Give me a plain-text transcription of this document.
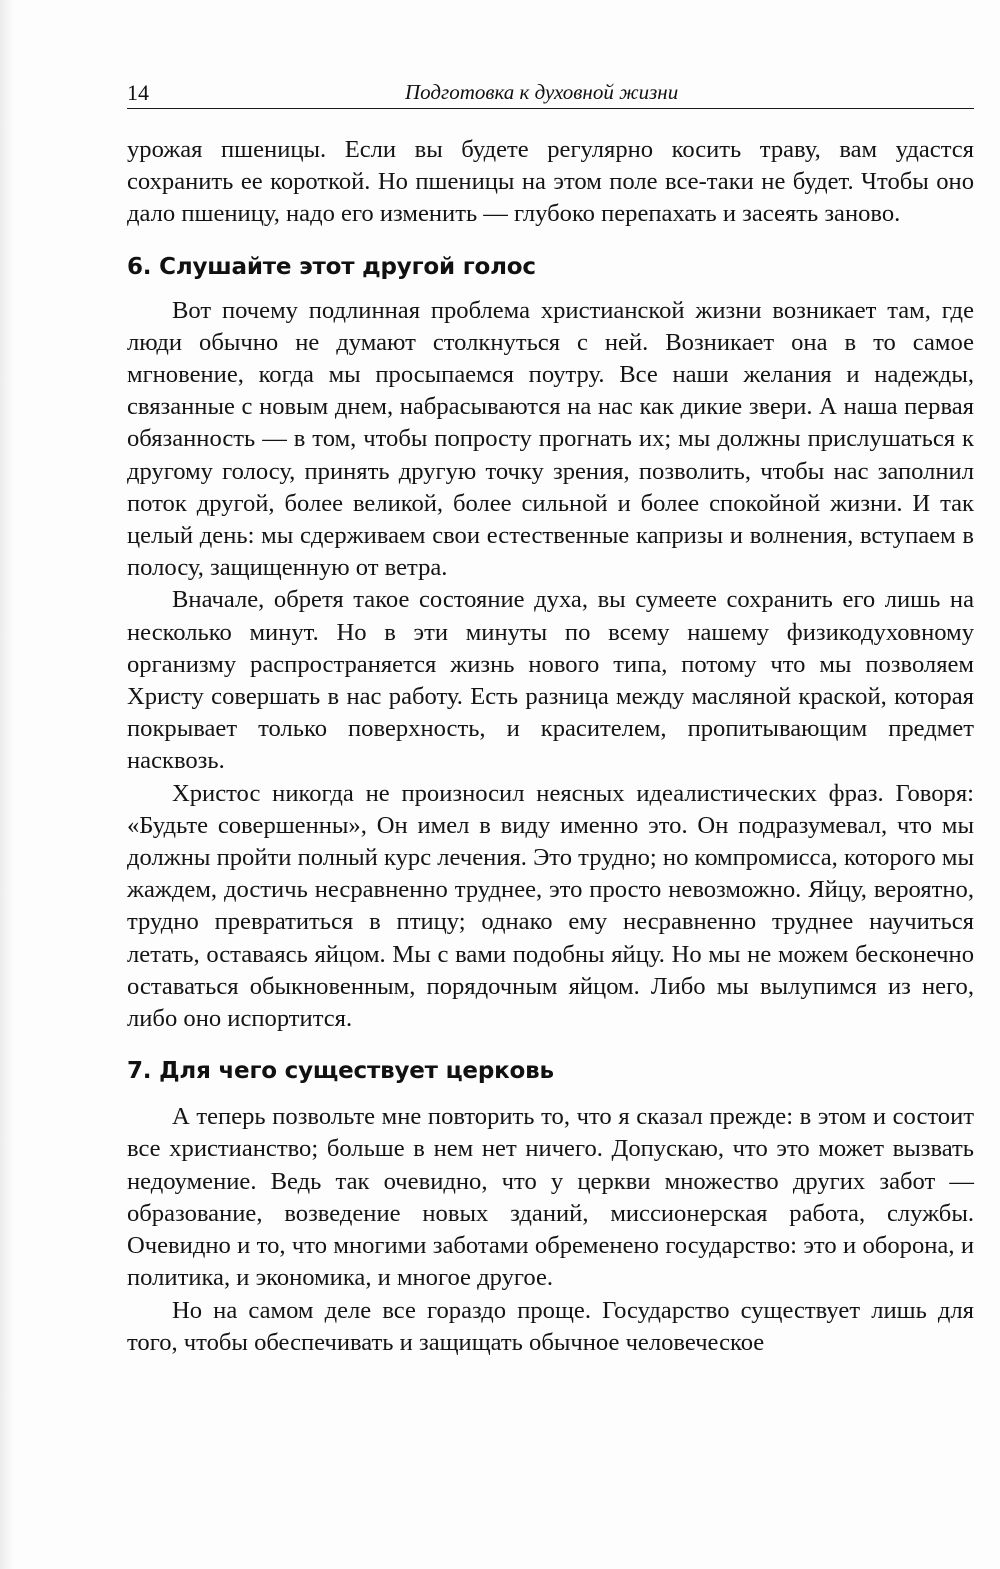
14	Подготовка к духовной жизни

урожая пшеницы. Если вы будете регулярно косить траву, вам удастся сохранить ее короткой. Но пшеницы на этом поле все-таки не будет. Чтобы оно дало пшеницу, надо его изменить — глубоко перепахать и засеять заново.

6. Слушайте этот другой голос

Вот почему подлинная проблема христианской жизни возникает там, где люди обычно не думают столкнуться с ней. Возникает она в то самое мгновение, когда мы просыпаемся поутру. Все наши желания и надежды, связанные с новым днем, набрасываются на нас как дикие звери. А наша первая обязанность — в том, чтобы попросту прогнать их; мы должны прислушаться к другому голосу, принять другую точку зрения, позволить, чтобы нас заполнил поток другой, более великой, более сильной и более спокойной жизни. И так целый день: мы сдерживаем свои естественные капризы и волнения, вступаем в полосу, защищенную от ветра.

Вначале, обретя такое состояние духа, вы сумеете сохранить его лишь на несколько минут. Но в эти минуты по всему нашему физикодуховному организму распространяется жизнь нового типа, потому что мы позволяем Христу совершать в нас работу. Есть разница между масляной краской, которая покрывает только поверхность, и красителем, пропитывающим предмет насквозь.

Христос никогда не произносил неясных идеалистических фраз. Говоря: «Будьте совершенны», Он имел в виду именно это. Он подразумевал, что мы должны пройти полный курс лечения. Это трудно; но компромисса, которого мы жаждем, достичь несравненно труднее, это просто невозможно. Яйцу, вероятно, трудно превратиться в птицу; однако ему несравненно труднее научиться летать, оставаясь яйцом. Мы с вами подобны яйцу. Но мы не можем бесконечно оставаться обыкновенным, порядочным яйцом. Либо мы вылупимся из него, либо оно испортится.

7. Для чего существует церковь

А теперь позвольте мне повторить то, что я сказал прежде: в этом и состоит все христианство; больше в нем нет ничего. Допускаю, что это может вызвать недоумение. Ведь так очевидно, что у церкви множество других забот — образование, возведение новых зданий, миссионерская работа, службы. Очевидно и то, что многими заботами обременено государство: это и оборона, и политика, и экономика, и многое другое.

Но на самом деле все гораздо проще. Государство существует лишь для того, чтобы обеспечивать и защищать обычное человеческое
